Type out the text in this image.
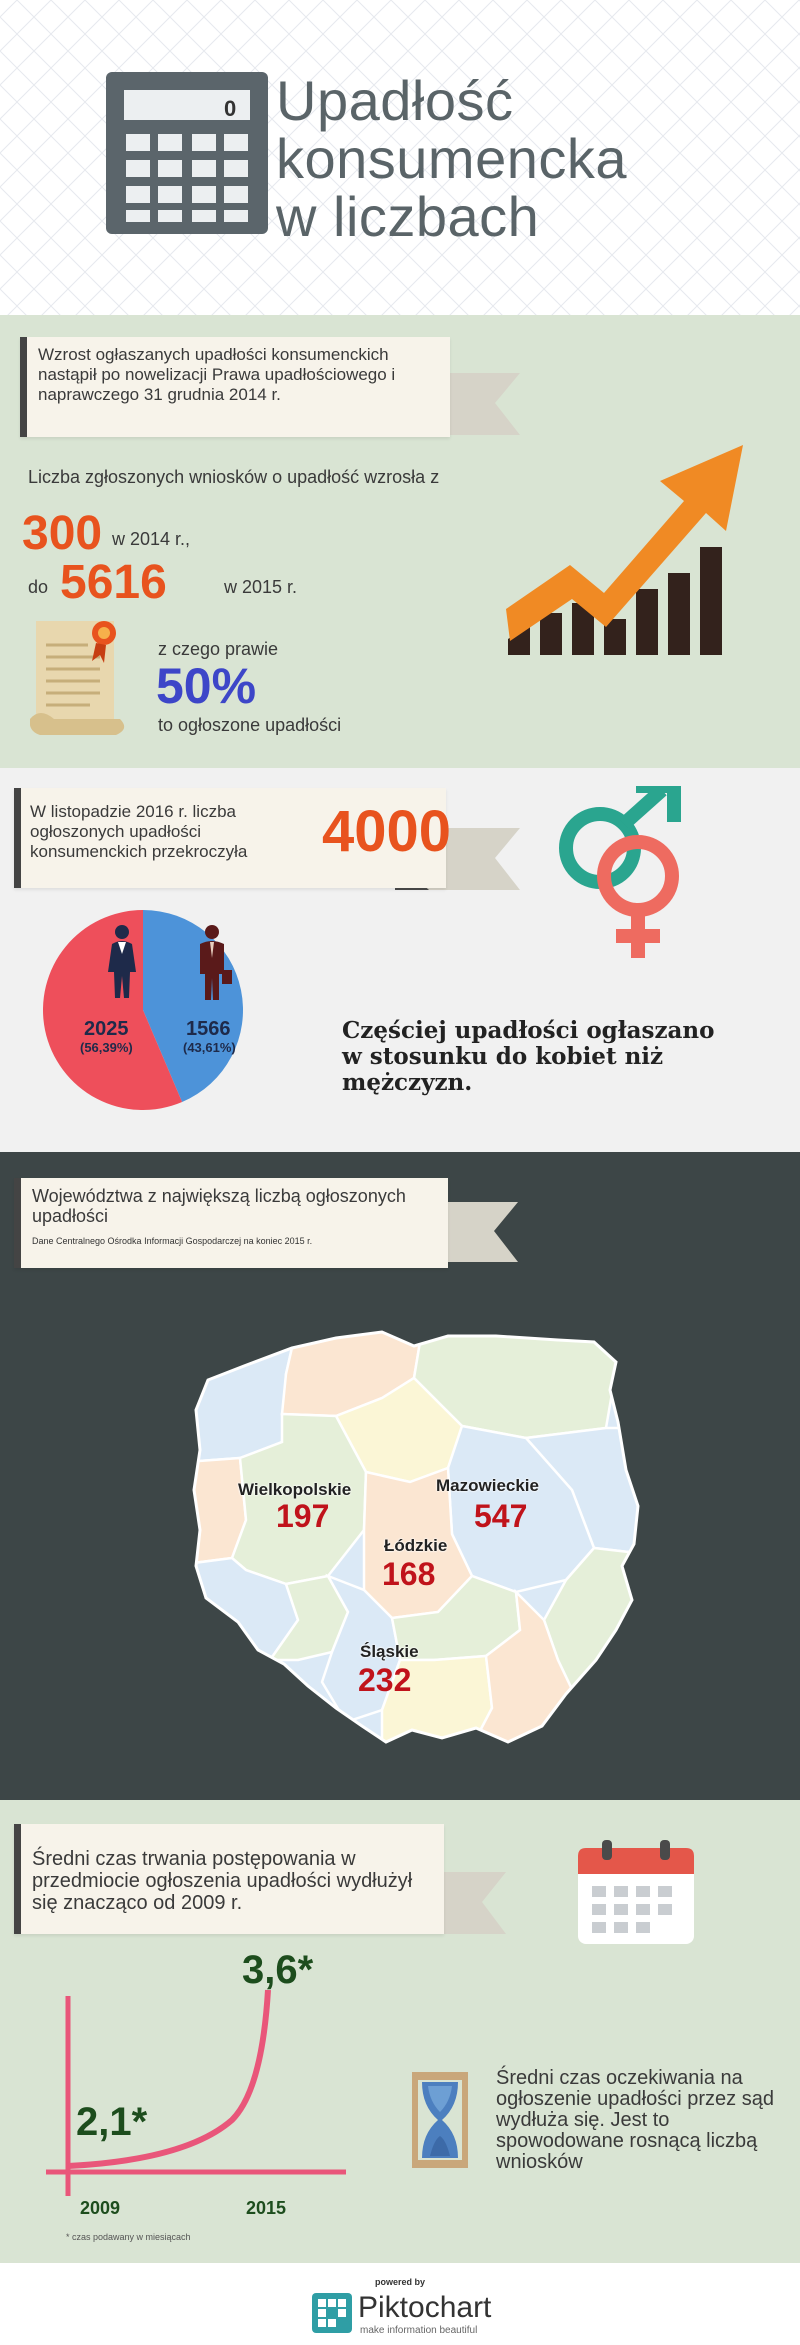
0 Upadłość
konsumencka
w liczbach
Wzrost ogłaszanych upadłości konsumenckich nastąpił po nowelizacji Prawa upadłościowego i naprawczego 31 grudnia 2014 r.
Liczba zgłoszonych wniosków o upadłość wzrosła z
300 w 2014 r.,
do 5616	w 2015 r.
z czego prawie
50%
to ogłoszone upadłości
W listopadzie 2016 r. liczba ogłoszonych upadłości konsumenckich przekroczyła	4000
2025
(56,39%)
1566
(43,61%)
Częściej upadłości ogłaszano w stosunku do kobiet niż mężczyzn.
Województwa z największą liczbą ogłoszonych upadłości
Dane Centralnego Ośrodka Informacji Gospodarczej na koniec 2015 r.
Wielkopolskie
197
Mazowieckie
547
Łódzkie
168
Śląskie
232
Średni czas trwania postępowania w przedmiocie ogłoszenia upadłości wydłużył się znacząco od 2009 r.
2,1*
3,6*
2009	2015
* czas podawany w miesiącach
Średni czas oczekiwania na ogłoszenie upadłości przez sąd wydłuża się. Jest to spowodowane rosnącą liczbą wniosków
powered by
Piktochart
make information beautiful
